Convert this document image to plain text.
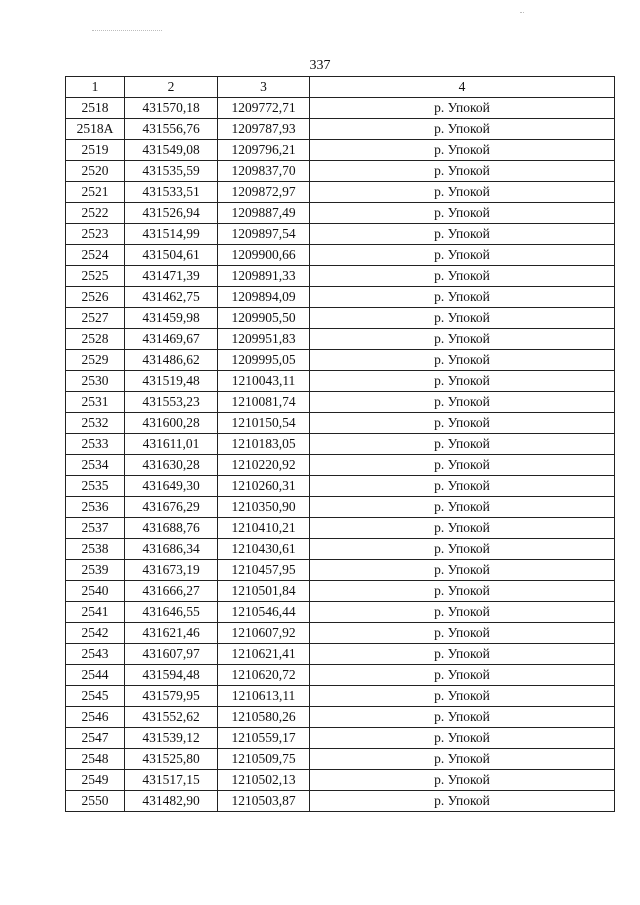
337
1	2	3	4
2518	431570,18	1209772,71	р. Упокой
2518А	431556,76	1209787,93	р. Упокой
2519	431549,08	1209796,21	р. Упокой
2520	431535,59	1209837,70	р. Упокой
2521	431533,51	1209872,97	р. Упокой
2522	431526,94	1209887,49	р. Упокой
2523	431514,99	1209897,54	р. Упокой
2524	431504,61	1209900,66	р. Упокой
2525	431471,39	1209891,33	р. Упокой
2526	431462,75	1209894,09	р. Упокой
2527	431459,98	1209905,50	р. Упокой
2528	431469,67	1209951,83	р. Упокой
2529	431486,62	1209995,05	р. Упокой
2530	431519,48	1210043,11	р. Упокой
2531	431553,23	1210081,74	р. Упокой
2532	431600,28	1210150,54	р. Упокой
2533	431611,01	1210183,05	р. Упокой
2534	431630,28	1210220,92	р. Упокой
2535	431649,30	1210260,31	р. Упокой
2536	431676,29	1210350,90	р. Упокой
2537	431688,76	1210410,21	р. Упокой
2538	431686,34	1210430,61	р. Упокой
2539	431673,19	1210457,95	р. Упокой
2540	431666,27	1210501,84	р. Упокой
2541	431646,55	1210546,44	р. Упокой
2542	431621,46	1210607,92	р. Упокой
2543	431607,97	1210621,41	р. Упокой
2544	431594,48	1210620,72	р. Упокой
2545	431579,95	1210613,11	р. Упокой
2546	431552,62	1210580,26	р. Упокой
2547	431539,12	1210559,17	р. Упокой
2548	431525,80	1210509,75	р. Упокой
2549	431517,15	1210502,13	р. Упокой
2550	431482,90	1210503,87	р. Упокой
